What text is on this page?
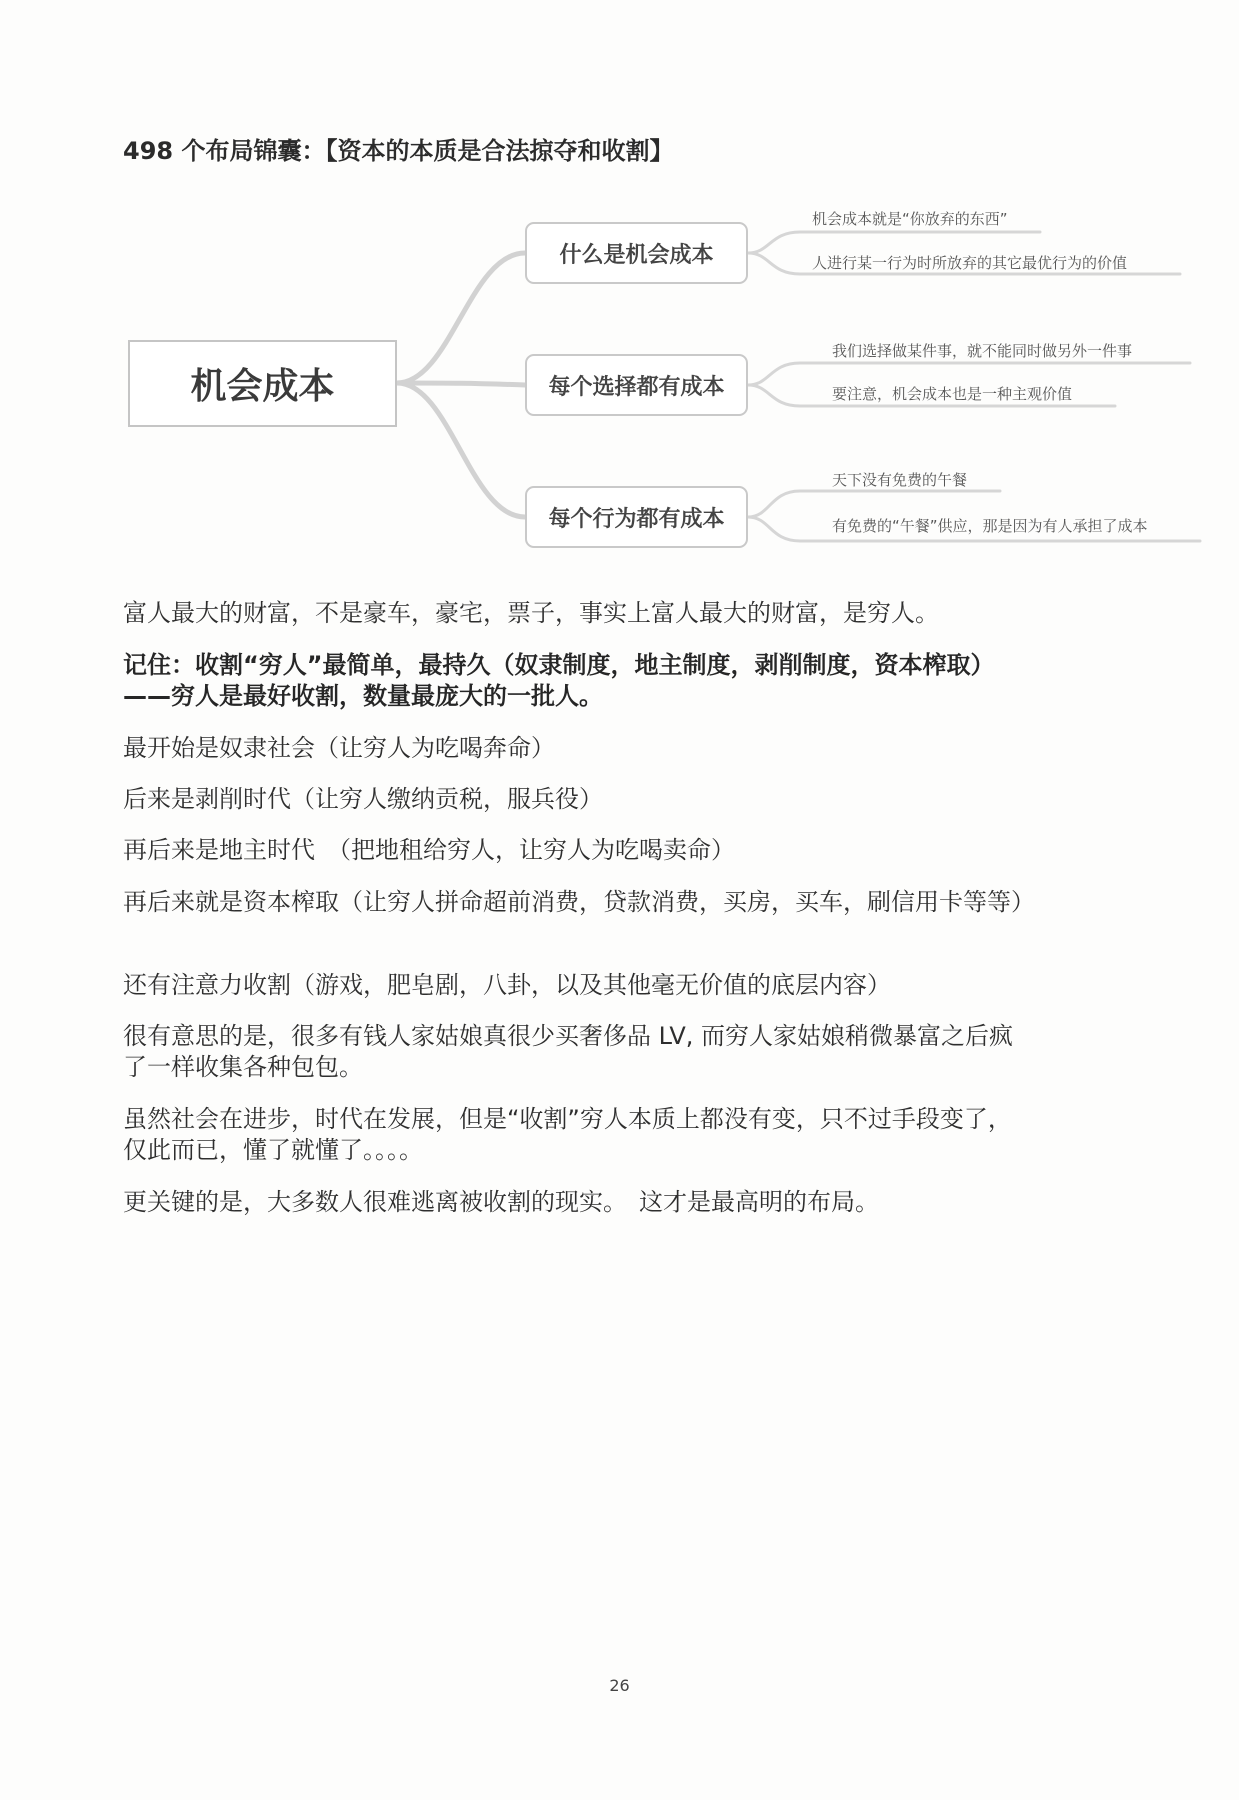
498 个布局锦囊：【资本的本质是合法掠夺和收割】
机会成本
什么是机会成本
每个选择都有成本
每个行为都有成本
机会成本就是“你放弃的东西”
人进行某一行为时所放弃的其它最优行为的价值
我们选择做某件事，就不能同时做另外一件事
要注意，机会成本也是一种主观价值
天下没有免费的午餐
有免费的“午餐”供应，那是因为有人承担了成本
富人最大的财富，不是豪车，豪宅，票子，事实上富人最大的财富，是穷人。
记住：收割“穷人”最简单，最持久（奴隶制度，地主制度，剥削制度，资本榨取）——穷人是最好收割，数量最庞大的一批人。
最开始是奴隶社会（让穷人为吃喝奔命）
后来是剥削时代（让穷人缴纳贡税，服兵役）
再后来是地主时代　（把地租给穷人，让穷人为吃喝卖命）
再后来就是资本榨取（让穷人拼命超前消费，贷款消费，买房，买车，刷信用卡等等）
还有注意力收割（游戏，肥皂剧，八卦，以及其他毫无价值的底层内容）
很有意思的是，很多有钱人家姑娘真很少买奢侈品 LV, 而穷人家姑娘稍微暴富之后疯了一样收集各种包包。
虽然社会在进步，时代在发展，但是“收割”穷人本质上都没有变，只不过手段变了，仅此而已，懂了就懂了。。。。
更关键的是，大多数人很难逃离被收割的现实。　这才是最高明的布局。
26
